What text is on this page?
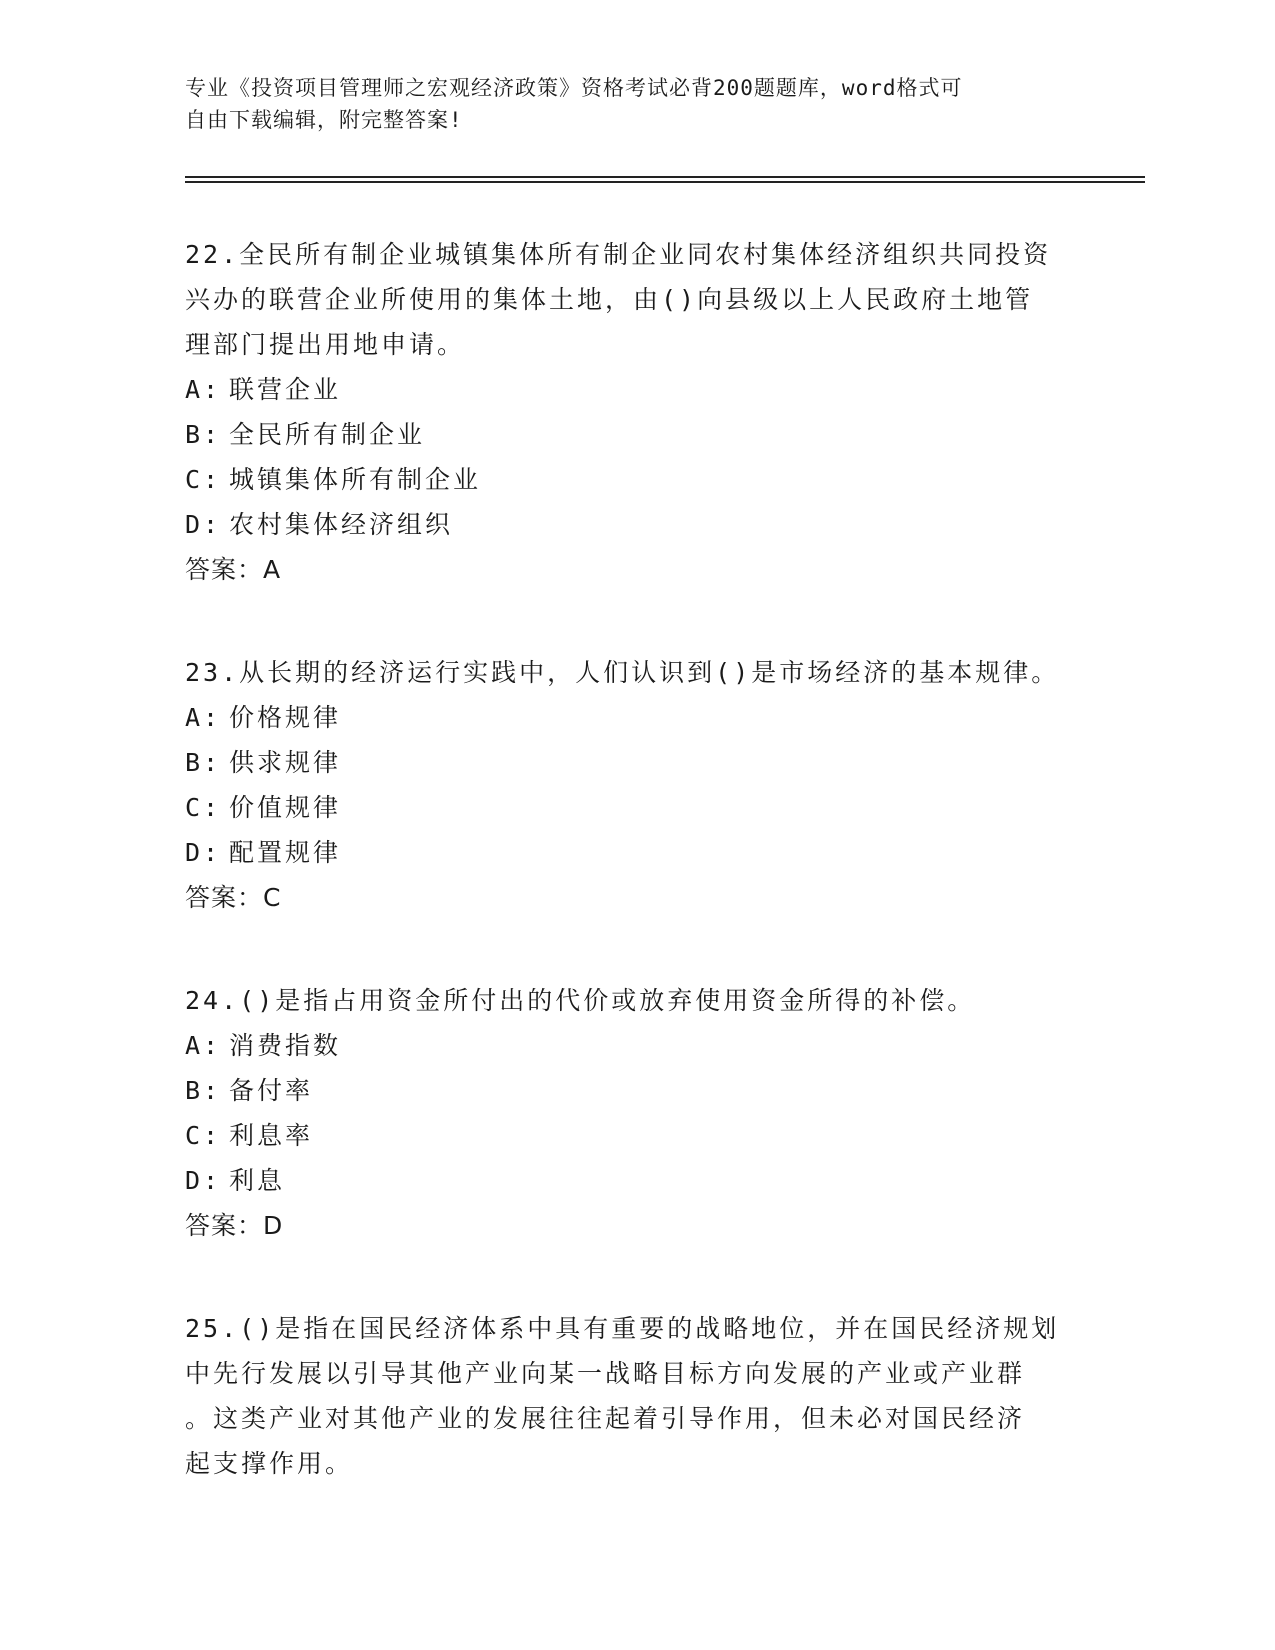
专业《投资项目管理师之宏观经济政策》资格考试必背200题题库，word格式可
自由下载编辑，附完整答案!

22.全民所有制企业城镇集体所有制企业同农村集体经济组织共同投资

兴办的联营企业所使用的集体土地，由()向县级以上人民政府土地管

理部门提出用地申请。

A: 联营企业

B: 全民所有制企业

C: 城镇集体所有制企业

D: 农村集体经济组织

答案：A

23.从长期的经济运行实践中，人们认识到()是市场经济的基本规律。

A: 价格规律

B: 供求规律

C: 价值规律

D: 配置规律

答案：C

24.()是指占用资金所付出的代价或放弃使用资金所得的补偿。

A: 消费指数

B: 备付率

C: 利息率

D: 利息

答案：D

25.()是指在国民经济体系中具有重要的战略地位，并在国民经济规划

中先行发展以引导其他产业向某一战略目标方向发展的产业或产业群

。这类产业对其他产业的发展往往起着引导作用，但未必对国民经济

起支撑作用。
